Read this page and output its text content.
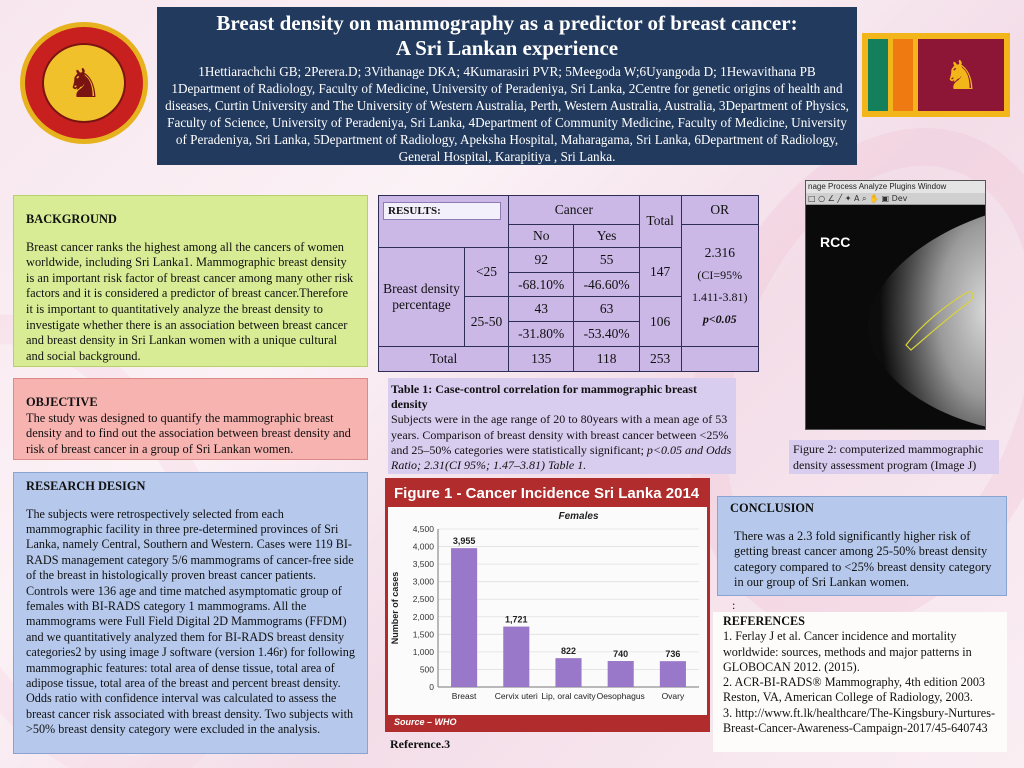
♞
Breast density on mammography as a predictor of breast cancer:
A Sri Lankan experience
1Hettiarachchi GB; 2Perera.D; 3Vithanage DKA; 4Kumarasiri PVR; 5Meegoda W;6Uyangoda D; 1Hewavithana PB 1Department of Radiology, Faculty of Medicine, University of Peradeniya, Sri Lanka, 2Centre for genetic origins of health and diseases, Curtin University and The University of Western Australia, Perth, Western Australia, Australia, 3Department of Physics, Faculty of Science, University of Peradeniya, Sri Lanka, 4Department of Community Medicine, Faculty of Medicine, University of Peradeniya, Sri Lanka, 5Department of Radiology, Apeksha Hospital, Maharagama, Sri Lanka, 6Department of Radiology, General Hospital, Karapitiya , Sri Lanka.
♞
BACKGROUND

Breast cancer ranks the highest among all the cancers of women worldwide, including Sri Lanka1. Mammographic breast density is an important risk factor of breast cancer among many other risk factors and it is considered a predictor of breast cancer.Therefore it is important to quantitatively analyze the breast density to investigate whether there is an association between breast cancer and breast density in Sri Lankan women with a unique cultural and social background.

OBJECTIVE

The study was designed to quantify the mammographic breast density and to find out the association between breast density and risk of breast cancer in a group of Sri Lankan women.

RESEARCH DESIGN

The subjects were retrospectively selected from each mammographic facility in three pre-determined provinces of Sri Lanka, namely Central, Southern and Western. Cases were 119 BI-RADS management category 5/6 mammograms of cancer-free side of the breast in histologically proven breast cancer patients. Controls were 136 age and time matched asymptomatic group of females with BI-RADS category 1 mammograms. All the mammograms were Full Field Digital 2D Mammograms (FFDM) and we quantitatively analyzed them for BI-RADS breast density categories2 by using image J software (version 1.46r) for following mammographic features: total area of dense tissue, total area of adipose tissue, total area of the breast and percent breast density. Odds ratio with confidence interval was calculated to assess the breast cancer risk associated with breast density. Two subjects with >50% breast density category were excluded in the analysis.

RESULTS:		Cancer		Total	OR
		No	Yes		2.316
(CI=95%
1.411-3.81)
p<0.05

Breast density percentage	<25	92	55	147	
		-68.10%	-46.60%		
	25-50	43	63	106	
		-31.80%	-53.40%		
Total		135	118	253	
Table 1: Case-control correlation for mammographic breast density
Subjects were in the age range of 20 to 80years with a mean age of 53 years. Comparison of breast density with breast cancer between <25% and 25–50% categories were statistically significant; p<0.05 and Odds Ratio; 2.31(CI 95%; 1.47–3.81) Table 1.
Figure 1 - Cancer Incidence Sri Lanka 2014
Females
Number of cases
0
500
1,000
1,500
2,000
2,500
3,000
3,500
4,000
4,500
3,955
Breast
1,721
Cervix uteri
822
Lip, oral cavity
740
Oesophagus
736
Ovary
Source – WHO
Reference.3
nage Process Analyze Plugins Window
□ ○ ∠ ╱ ✦ A ⌕ ✋ ▣ Dev
RCC
Figure 2: computerized mammographic density assessment program (Image J)
CONCLUSION

There was a 2.3 fold significantly higher risk of getting breast cancer among 25-50% breast density category compared to <25% breast density category in our group of Sri Lankan women.

:
REFERENCES
1. Ferlay J et al. Cancer incidence and mortality worldwide: sources, methods and major patterns in GLOBOCAN 2012. (2015).
2. ACR-BI-RADS® Mammography, 4th edition 2003 Reston, VA, American College of Radiology, 2003.
3. http://www.ft.lk/healthcare/The-Kingsbury-Nurtures-Breast-Cancer-Awareness-Campaign-2017/45-640743
